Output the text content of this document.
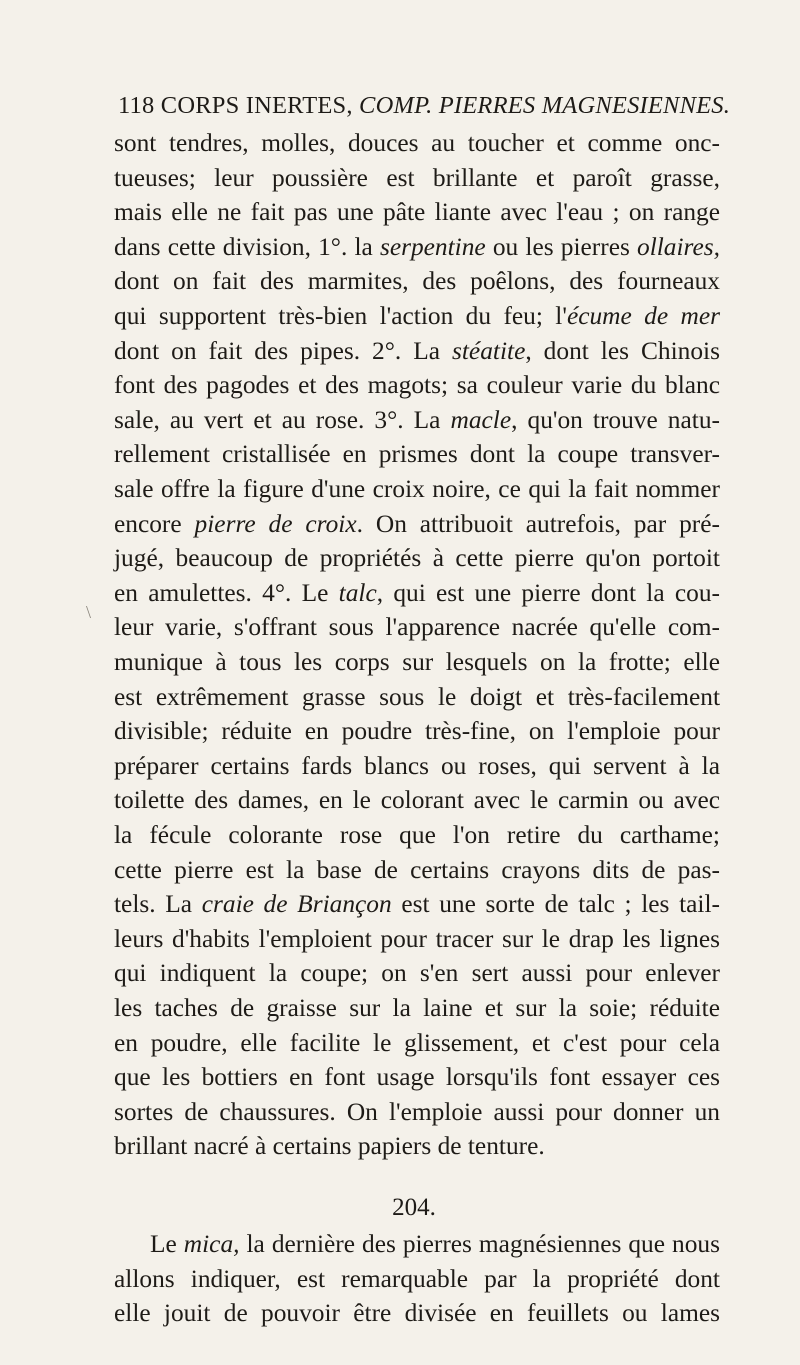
118 CORPS INERTES, COMP. PIERRES MAGNESIENNES.
sont tendres, molles, douces au toucher et comme onc-
tueuses; leur poussière est brillante et paroît grasse,
mais elle ne fait pas une pâte liante avec l'eau ; on range
dans cette division, 1°. la serpentine ou les pierres ollaires,
dont on fait des marmites, des poêlons, des fourneaux
qui supportent très-bien l'action du feu; l'écume de mer
dont on fait des pipes. 2°. La stéatite, dont les Chinois
font des pagodes et des magots; sa couleur varie du blanc
sale, au vert et au rose. 3°. La macle, qu'on trouve natu-
rellement cristallisée en prismes dont la coupe transver-
sale offre la figure d'une croix noire, ce qui la fait nommer
encore pierre de croix. On attribuoit autrefois, par pré-
jugé, beaucoup de propriétés à cette pierre qu'on portoit
en amulettes. 4°. Le talc, qui est une pierre dont la cou-
leur varie, s'offrant sous l'apparence nacrée qu'elle com-
munique à tous les corps sur lesquels on la frotte; elle
est extrêmement grasse sous le doigt et très-facilement
divisible; réduite en poudre très-fine, on l'emploie pour
préparer certains fards blancs ou roses, qui servent à la
toilette des dames, en le colorant avec le carmin ou avec
la fécule colorante rose que l'on retire du carthame;
cette pierre est la base de certains crayons dits de pas-
tels. La craie de Briançon est une sorte de talc ; les tail-
leurs d'habits l'emploient pour tracer sur le drap les lignes
qui indiquent la coupe; on s'en sert aussi pour enlever
les taches de graisse sur la laine et sur la soie; réduite
en poudre, elle facilite le glissement, et c'est pour cela
que les bottiers en font usage lorsqu'ils font essayer ces
sortes de chaussures. On l'emploie aussi pour donner un
brillant nacré à certains papiers de tenture.
204.
Le mica, la dernière des pierres magnésiennes que nous
allons indiquer, est remarquable par la propriété dont
elle jouit de pouvoir être divisée en feuillets ou lames
\
